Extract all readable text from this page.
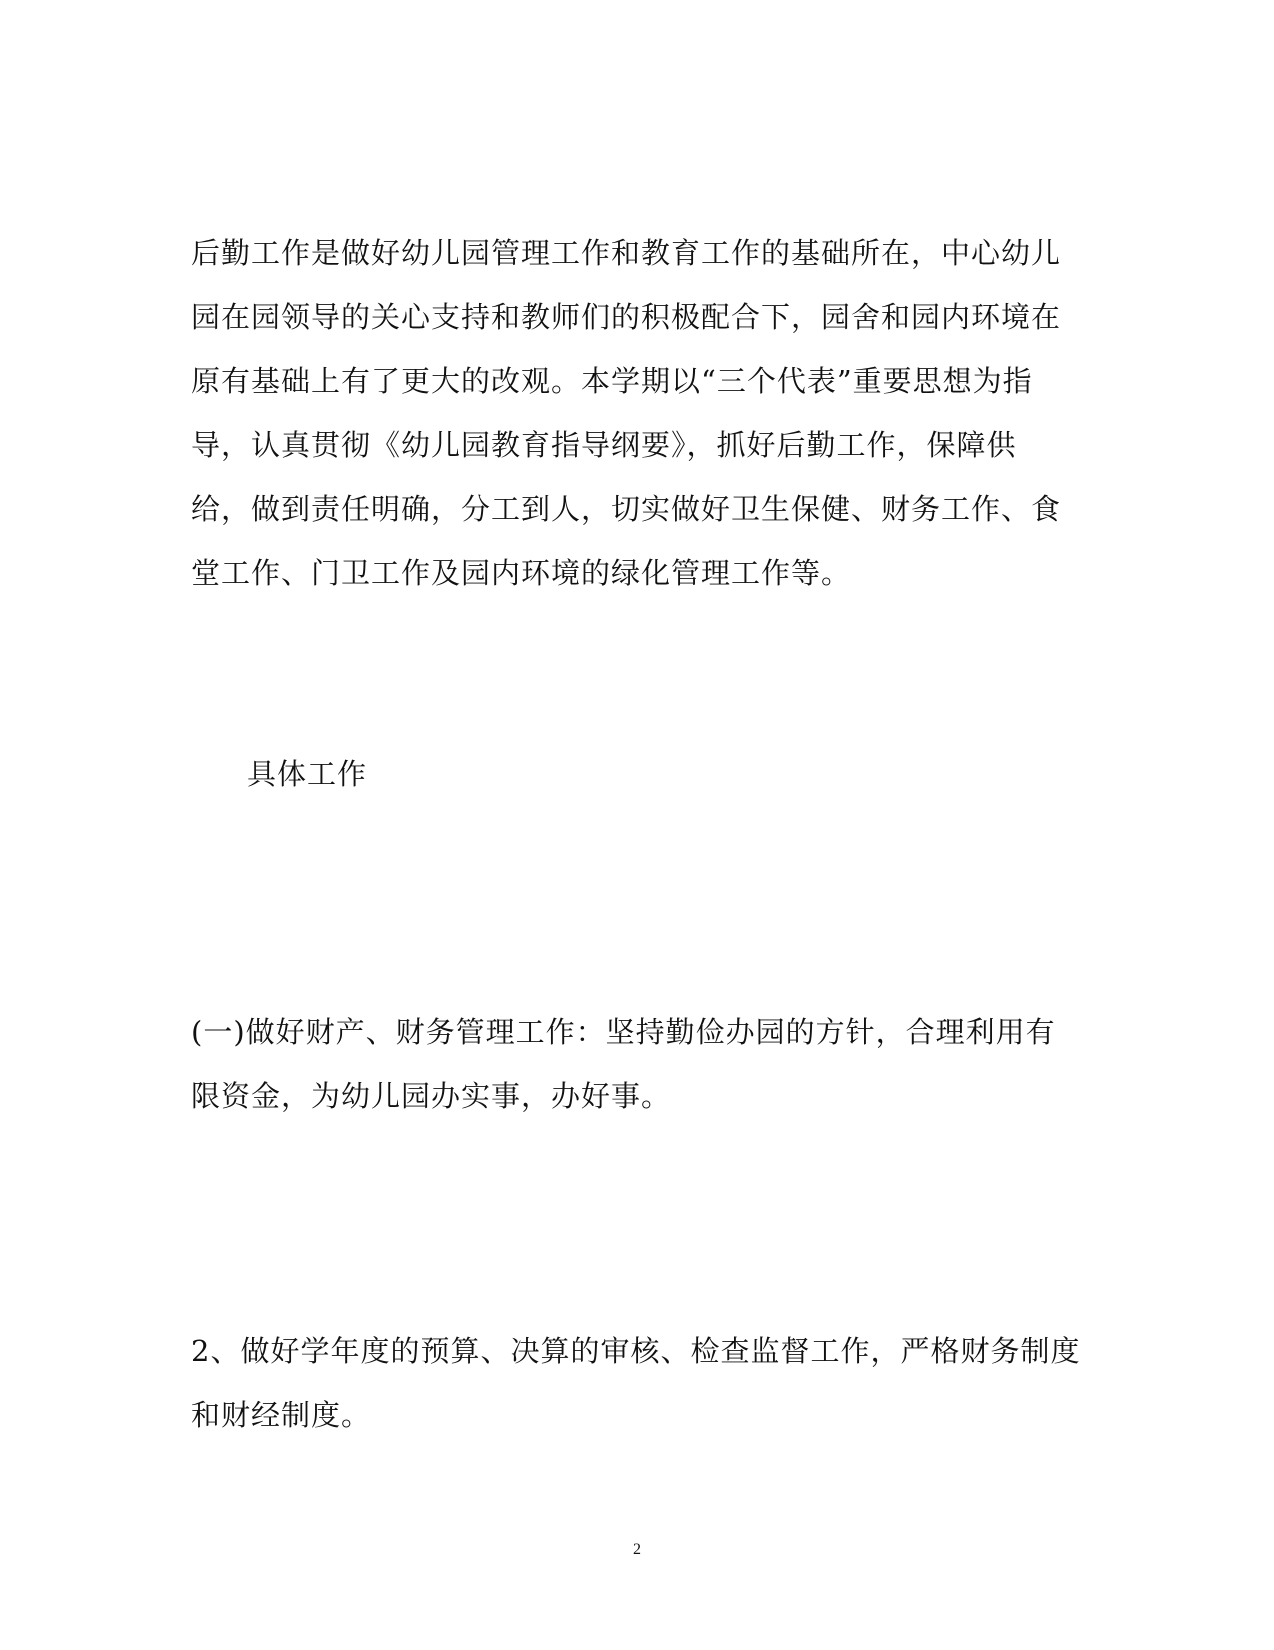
后勤工作是做好幼儿园管理工作和教育工作的基础所在，中心幼儿园在园领导的关心支持和教师们的积极配合下，园舍和园内环境在原有基础上有了更大的改观。本学期以“三个代表”重要思想为指导，认真贯彻《幼儿园教育指导纲要》，抓好后勤工作，保障供给，做到责任明确，分工到人，切实做好卫生保健、财务工作、食堂工作、门卫工作及园内环境的绿化管理工作等。
具体工作
(一)做好财产、财务管理工作：坚持勤俭办园的方针，合理利用有限资金，为幼儿园办实事，办好事。
2、做好学年度的预算、决算的审核、检查监督工作，严格财务制度和财经制度。
2
